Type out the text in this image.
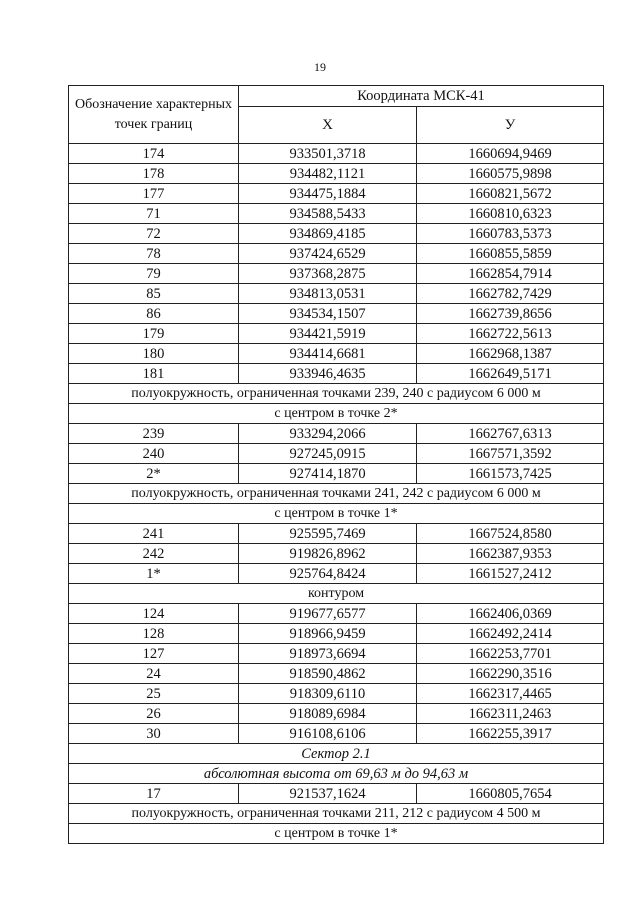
19
Обозначение характерных точек границ	Координата МСК-41	
	Х	У
174	933501,3718	1660694,9469
178	934482,1121	1660575,9898
177	934475,1884	1660821,5672
71	934588,5433	1660810,6323
72	934869,4185	1660783,5373
78	937424,6529	1660855,5859
79	937368,2875	1662854,7914
85	934813,0531	1662782,7429
86	934534,1507	1662739,8656
179	934421,5919	1662722,5613
180	934414,6681	1662968,1387
181	933946,4635	1662649,5171
полуокружность, ограниченная точками 239, 240 с радиусом 6 000 м		
с центром в точке 2*		
239	933294,2066	1662767,6313
240	927245,0915	1667571,3592
2*	927414,1870	1661573,7425
полуокружность, ограниченная точками 241, 242 с радиусом 6 000 м		
с центром в точке 1*		
241	925595,7469	1667524,8580
242	919826,8962	1662387,9353
1*	925764,8424	1661527,2412
контуром		
124	919677,6577	1662406,0369
128	918966,9459	1662492,2414
127	918973,6694	1662253,7701
24	918590,4862	1662290,3516
25	918309,6110	1662317,4465
26	918089,6984	1662311,2463
30	916108,6106	1662255,3917
Сектор 2.1		
абсолютная высота от 69,63 м до 94,63 м		
17	921537,1624	1660805,7654
полуокружность, ограниченная точками 211, 212 с радиусом 4 500 м		
с центром в точке 1*		
